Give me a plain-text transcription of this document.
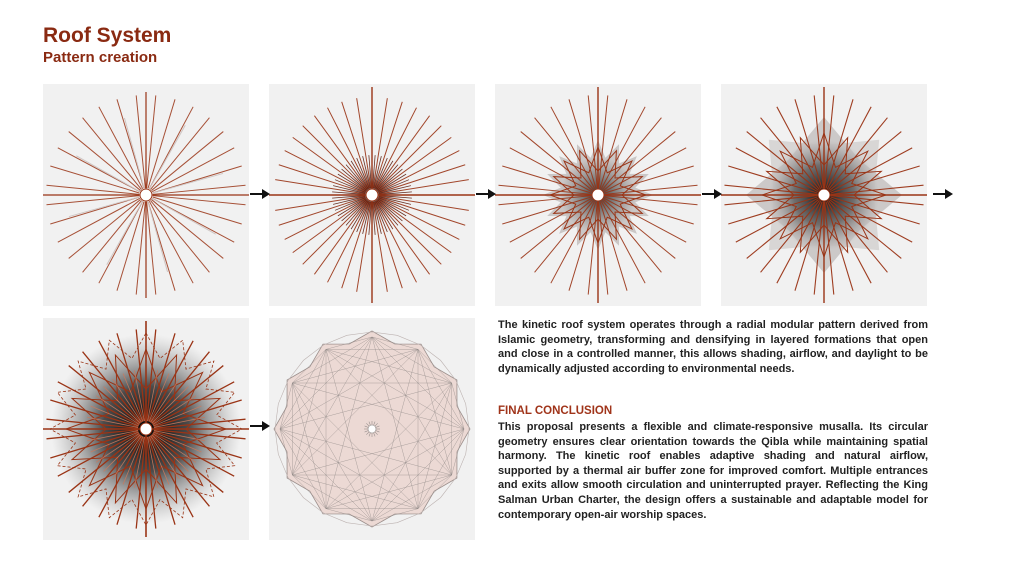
Roof System
Pattern creation
The kinetic roof system operates through a radial modular pattern derived from Islamic geometry, transforming and densifying in layered formations that open and close in a controlled manner, this allows shading, airflow, and daylight to be dynamically adjusted according to environmental needs.
FINAL CONCLUSION
This proposal presents a flexible and climate-responsive musalla. Its circular geometry ensures clear orientation towards the Qibla while maintaining spatial harmony. The kinetic roof enables adaptive shading and natural airflow, supported by a thermal air buffer zone for improved comfort. Multiple entrances and exits allow smooth circulation and uninterrupted prayer. Reflecting the King Salman Urban Charter, the design offers a sustainable and adaptable model for contemporary open-air worship spaces.
